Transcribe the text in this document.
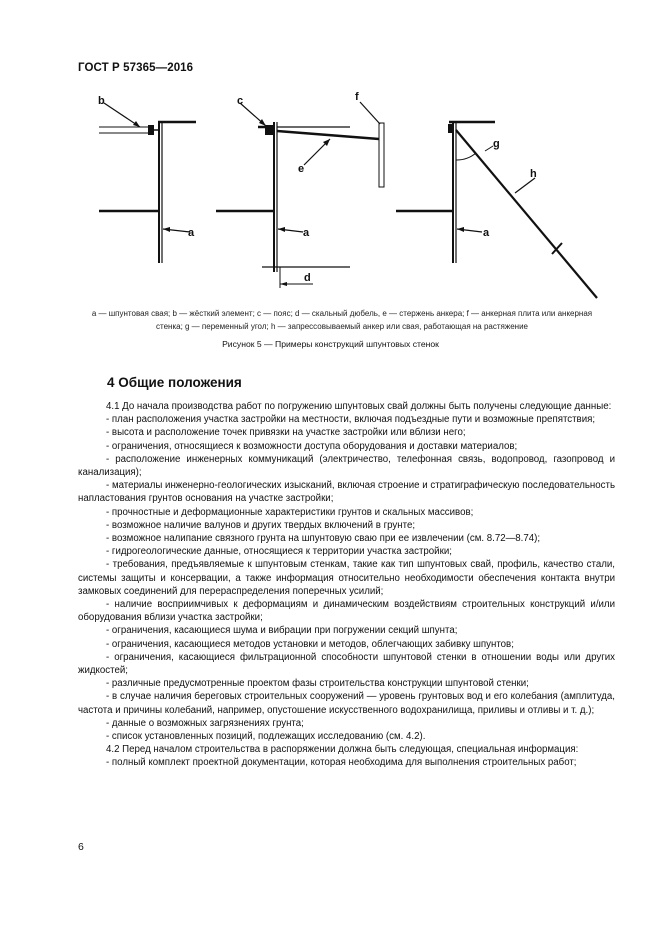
ГОСТ Р 57365—2016
b
a
c	f
e
a
d
g
h
a
a — шпунтовая свая; b — жёсткий элемент; c — пояс; d — скальный дюбель, е — стержень анкера; f — анкерная плита или анкерная стенка; g — переменный угол; h — запрессовываемый анкер или свая, работающая на растяжение
Рисунок 5 — Примеры конструкций шпунтовых стенок
4 Общие положения

4.1 До начала производства работ по погружению шпунтовых свай должны быть получены следующие данные:

- план расположения участка застройки на местности, включая подъездные пути и возможные препятствия;

- высота и расположение точек привязки на участке застройки или вблизи него;

- ограничения, относящиеся к возможности доступа оборудования и доставки материалов;

- расположение инженерных коммуникаций (электричество, телефонная связь, водопровод, газопровод и канализация);

- материалы инженерно-геологических изысканий, включая строение и стратиграфическую последовательность напластования грунтов основания на участке застройки;

- прочностные и деформационные характеристики грунтов и скальных массивов;

- возможное наличие валунов и других твердых включений в грунте;

- возможное налипание связного грунта на шпунтовую сваю при ее извлечении (см. 8.72—8.74);

- гидрогеологические данные, относящиеся к территории участка застройки;

- требования, предъявляемые к шпунтовым стенкам, такие как тип шпунтовых свай, профиль, качество стали, системы защиты и консервации, а также информация относительно необходимости обеспечения контакта внутри замковых соединений для перераспределения поперечных усилий;

- наличие восприимчивых к деформациям и динамическим воздействиям строительных конструкций и/или оборудования вблизи участка застройки;

- ограничения, касающиеся шума и вибрации при погружении секций шпунта;

- ограничения, касающиеся методов установки и методов, облегчающих забивку шпунтов;

- ограничения, касающиеся фильтрационной способности шпунтовой стенки в отношении воды или других жидкостей;

- различные предусмотренные проектом фазы строительства конструкции шпунтовой стенки;

- в случае наличия береговых строительных сооружений — уровень грунтовых вод и его колебания (амплитуда, частота и причины колебаний, например, опустошение искусственного водохранилища, приливы и отливы и т. д.);

- данные о возможных загрязнениях грунта;

- список установленных позиций, подлежащих исследованию (см. 4.2).

4.2 Перед началом строительства в распоряжении должна быть следующая, специальная информация:

- полный комплект проектной документации, которая необходима для выполнения строительных работ;

6
